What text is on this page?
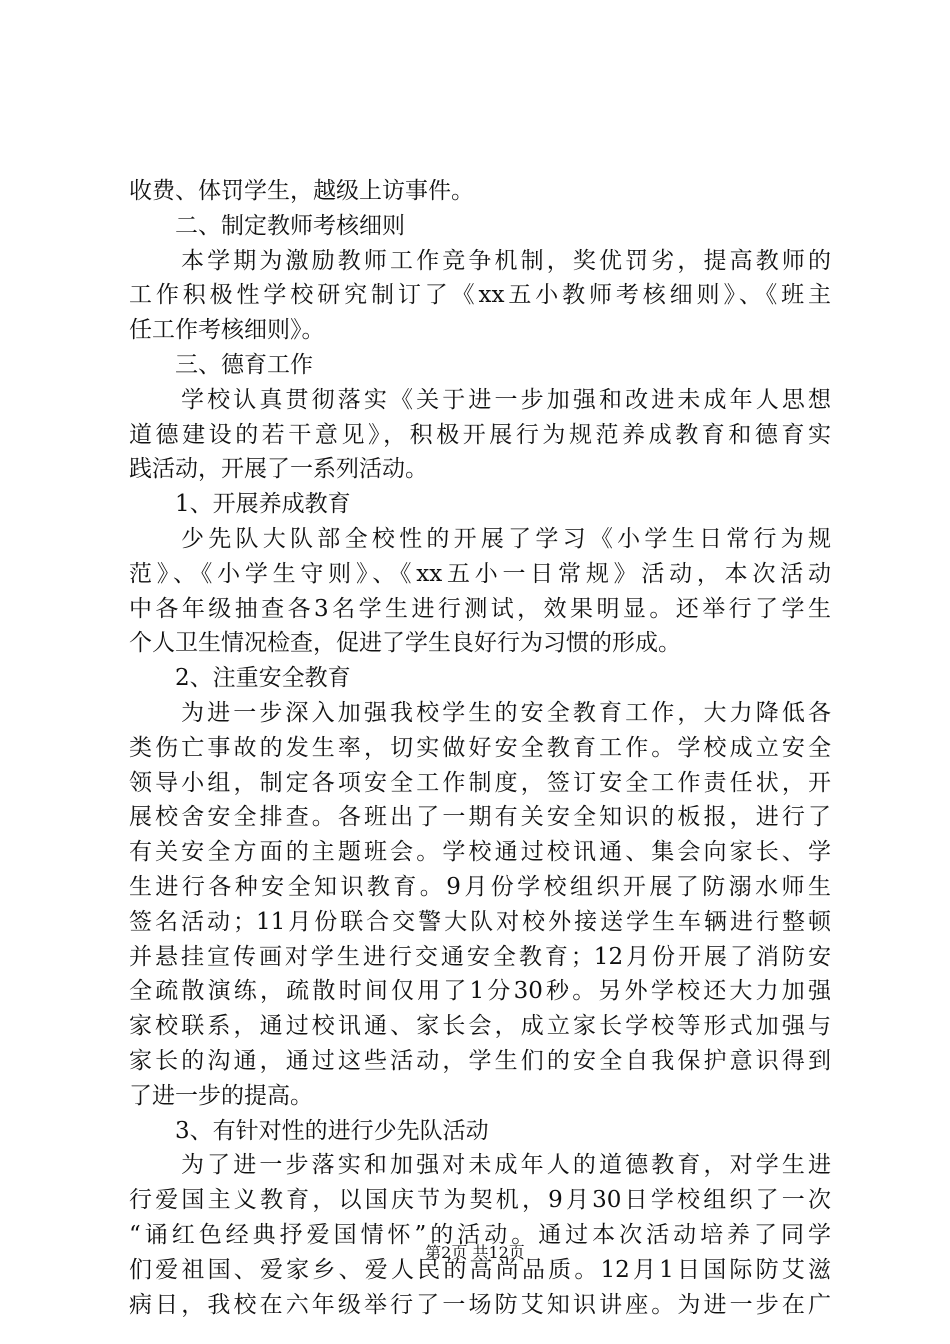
收费、体罚学生，越级上访事件。
二、制定教师考核细则
本学期为激励教师工作竞争机制，奖优罚劣，提高教师的
工作积极性学校研究制订了《xx五小教师考核细则》、《班主
任工作考核细则》。
三、德育工作
学校认真贯彻落实《关于进一步加强和改进未成年人思想
道德建设的若干意见》，积极开展行为规范养成教育和德育实
践活动，开展了一系列活动。
1、开展养成教育
少先队大队部全校性的开展了学习《小学生日常行为规
范》、《小学生守则》、《xx五小一日常规》活动，本次活动
中各年级抽查各3名学生进行测试，效果明显。还举行了学生
个人卫生情况检查，促进了学生良好行为习惯的形成。
2、注重安全教育
为进一步深入加强我校学生的安全教育工作，大力降低各
类伤亡事故的发生率，切实做好安全教育工作。学校成立安全
领导小组，制定各项安全工作制度，签订安全工作责任状，开
展校舍安全排查。各班出了一期有关安全知识的板报，进行了
有关安全方面的主题班会。学校通过校讯通、集会向家长、学
生进行各种安全知识教育。9月份学校组织开展了防溺水师生
签名活动；11月份联合交警大队对校外接送学生车辆进行整顿
并悬挂宣传画对学生进行交通安全教育；12月份开展了消防安
全疏散演练，疏散时间仅用了1分30秒。另外学校还大力加强
家校联系，通过校讯通、家长会，成立家长学校等形式加强与
家长的沟通，通过这些活动，学生们的安全自我保护意识得到
了进一步的提高。
3、有针对性的进行少先队活动
为了进一步落实和加强对未成年人的道德教育，对学生进
行爱国主义教育，以国庆节为契机，9月30日学校组织了一次
“诵红色经典抒爱国情怀”的活动。通过本次活动培养了同学
们爱祖国、爱家乡、爱人民的高尚品质。12月1日国际防艾滋
病日，我校在六年级举行了一场防艾知识讲座。为进一步在广
第2页 共12页
